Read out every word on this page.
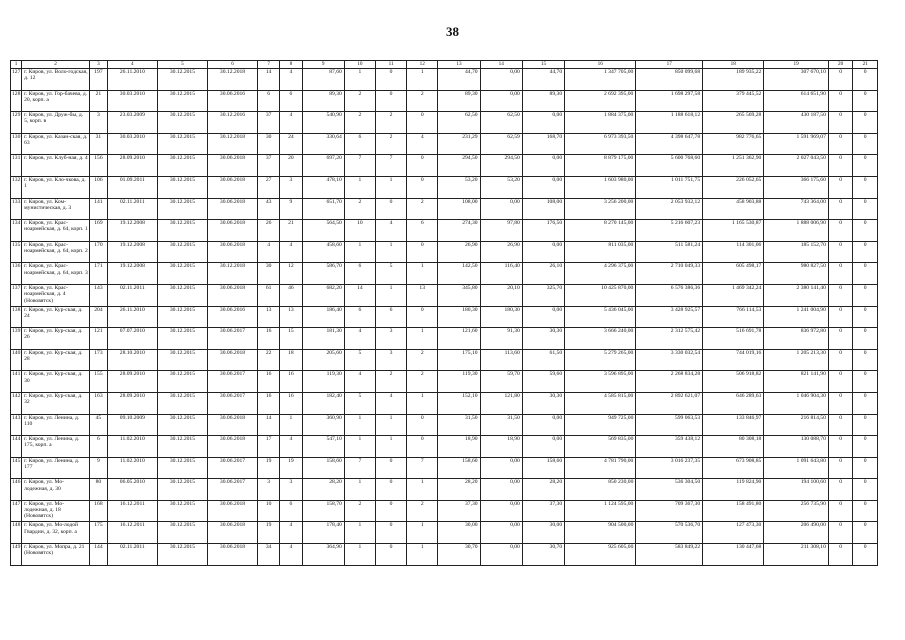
38
1	2	3	4	5	6	7	8	9	10	11	12	13	14	15	16	17	18	19	20	21
127	г. Киров, ул. Воло-годская, д. 12	197	26.11.2010	30.12.2015	30.12.2018	14	4	87,60	1	0	1	44,70	0,00	44,70	1 347 705,00	850 099,68	189 935,22	307 670,10	0	0
128	г. Киров, ул. Гор-бачева, д. 20, корп. а	21	30.03.2010	30.12.2015	30.06.2016	6	6	89,30	2	0	2	89,30	0,00	89,30	2 692 395,00	1 698 297,58	379 445,52	614 651,90	0	0
129	г. Киров, ул. Друж-бы, д. 5, корп. в	3	23.03.2009	30.12.2015	30.12.2016	37	4	540,90	2	2	0	62,50	62,50	0,00	1 884 375,00	1 188 618,12	265 569,28	430 187,50	0	0
130	г. Киров, ул. Казан-ская, д. 63	31	30.03.2010	30.12.2015	30.12.2018	30	24	330,64	6	2	4	231,29	62,59	168,70	6 973 393,50	4 398 647,78	982 776,65	1 591 969,07	0	0
131	г. Киров, ул. Клуб-ная, д. 4	156	28.09.2010	30.12.2015	30.06.2018	37	20	697,20	7	7	0	294,50	294,50	0,00	8 879 175,00	5 600 768,60	1 251 362,90	2 027 043,50	0	0
132	г. Киров, ул. Кло-чкова, д. 1	106	01.09.2011	30.12.2015	30.06.2018	27	3	478,10	1	1	0	53,20	53,20	0,00	1 603 980,00	1 011 751,75	226 052,65	366 175,60	0	0
133	г. Киров, ул. Ком-мунистическая, д. 3	141	02.11.2011	30.12.2015	30.06.2018	43	9	651,70	2	0	2	108,00	0,00	108,00	3 256 200,00	2 053 932,12	458 903,88	743 364,00	0	0
134	г. Киров, ул. Крас-ноармейская, д. 64, корп. 1	169	19.12.2008	30.12.2015	30.06.2018	26	21	564,50	10	4	6	274,30	97,80	176,50	8 270 145,00	5 216 607,23	1 165 530,87	1 888 006,90	0	0
135	г. Киров, ул. Крас-ноармейская, д. 64, корп. 2	170	19.12.2008	30.12.2015	30.06.2018	4	4	458,60	1	1	0	26,90	26,90	0,00	811 035,00	511 581,24	114 301,06	185 152,70	0	0
136	г. Киров, ул. Крас-ноармейская, д. 64, корп. 3	171	19.12.2008	30.12.2015	30.12.2018	30	12	586,70	6	5	1	142,50	116,40	26,10	4 296 375,00	2 710 049,33	605 498,17	980 827,50	0	0
137	г. Киров, ул. Крас-ноармейская, д. 4 (Нововятск)	143	02.11.2011	30.12.2015	30.06.2018	61	46	682,20	14	1	13	345,80	20,10	325,70	10 425 870,00	6 576 386,36	1 469 342,24	2 380 141,40	0	0
138	г. Киров, ул. Кур-ская, д. 24	204	26.11.2010	30.12.2015	30.06.2016	13	13	186,40	6	6	0	180,30	180,30	0,00	5 436 045,00	3 428 925,57	766 114,53	1 241 004,90	0	0
139	г. Киров, ул. Кур-ская, д. 26	121	07.07.2010	30.12.2015	30.06.2017	16	15	181,30	4	3	1	121,60	91,30	30,30	3 666 240,00	2 312 575,42	516 691,78	836 972,80	0	0
140	г. Киров, ул. Кур-ская, д. 28	173	28.10.2010	30.12.2015	30.06.2018	22	18	205,60	5	3	2	175,10	113,60	61,50	5 279 265,00	3 330 032,54	744 019,16	1 205 213,30	0	0
141	г. Киров, ул. Кур-ская, д. 30	155	28.09.2010	30.12.2015	30.06.2017	16	16	119,30	4	2	2	119,30	59,70	59,60	3 596 895,00	2 268 834,28	506 918,82	821 141,90	0	0
142	г. Киров, ул. Кур-ская, д. 32	163	28.09.2010	30.12.2015	30.06.2017	16	16	182,40	5	4	1	152,10	121,80	30,30	4 585 815,00	2 892 621,07	646 289,63	1 046 904,30	0	0
143	г. Киров, ул. Ленина, д. 110	45	09.10.2009	30.12.2015	30.06.2018	14	1	360,90	1	1	0	31,50	31,50	0,00	949 725,00	599 063,53	133 846,97	216 814,50	0	0
144	г. Киров, ул. Ленина, д. 175, корп. а	6	11.02.2010	30.12.2015	30.06.2018	17	4	547,10	1	1	0	18,90	18,90	0,00	569 835,00	359 438,12	80 308,18	130 088,70	0	0
145	г. Киров, ул. Ленина, д. 177	9	11.02.2010	30.12.2015	30.06.2017	19	19	158,60	7	0	7	158,60	0,00	158,60	4 781 790,00	3 016 237,35	673 908,85	1 091 643,80	0	0
146	г. Киров, ул. Мо-лодежная, д. 30	80	06.05.2010	30.12.2015	30.06.2017	3	3	28,20	1	0	1	28,20	0,00	28,20	850 230,00	536 304,50	119 824,90	194 100,60	0	0
147	г. Киров, ул. Мо-лодежная, д. 18 (Нововятск)	168	16.12.2011	30.12.2015	30.06.2018	10	6	158,70	2	0	2	37,30	0,00	37,30	1 124 595,00	709 367,30	158 491,80	256 735,90	0	0
148	г. Киров, ул. Мо-лодой Гвардии, д. 32, корп. а	175	16.12.2011	30.12.2015	30.06.2018	19	4	178,40	1	0	1	30,00	0,00	30,00	904 500,00	570 536,70	127 473,30	206 490,00	0	0
149	г. Киров, ул. Мопра, д. 21 (Нововятск)	144	02.11.2011	30.12.2015	30.06.2018	34	4	364,90	1	0	1	30,70	0,00	30,70	925 605,00	583 849,22	130 447,68	211 308,10	0	0
